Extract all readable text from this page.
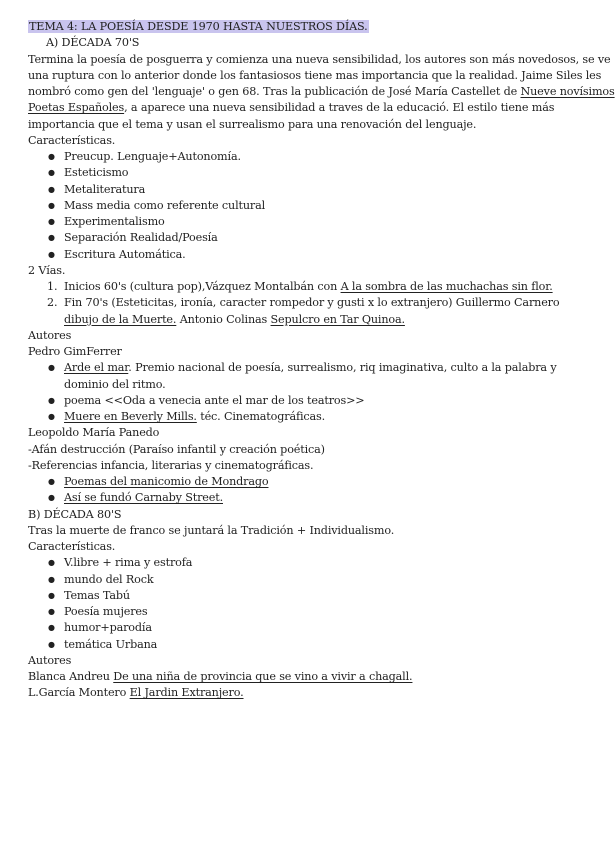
TEMA 4: LA POESÍA DESDE 1970 HASTA NUESTROS DÍAS.
A) DÉCADA 70'S
Termina la poesía de posguerra y comienza una nueva sensibilidad, los autores son más novedosos, se ve
una ruptura con lo anterior donde los fantasiosos tiene mas importancia que la realidad. Jaime Siles les
nombró como gen del 'lenguaje' o gen 68. Tras la publicación de José María Castellet de Nueve novísimos
Poetas Españoles, a aparece una nueva sensibilidad a traves de la educació. El estilo tiene más
importancia que el tema y usan el surrealismo para una renovación del lenguaje.
Características.
● Preucup. Lenguaje+Autonomía.
● Esteticismo
● Metaliteratura
● Mass media como referente cultural
● Experimentalismo
● Separación Realidad/Poesía
● Escritura Automática.
2 Vías.
1. Inicios 60's (cultura pop),Vázquez Montalbán con A la sombra de las muchachas sin flor.
2. Fin 70's (Esteticitas, ironía, caracter rompedor y gusti x lo extranjero) Guillermo Carnero dibujo de la Muerte. Antonio Colinas Sepulcro en Tar Quinoa.
Autores
Pedro GimFerrer
● Arde el mar. Premio nacional de poesía, surrealismo, riq imaginativa, culto a la palabra y dominio del ritmo.
● poema <<Oda a venecia ante el mar de los teatros>>
● Muere en Beverly Mills. téc. Cinematográficas.
Leopoldo María Panedo
-Afán destrucción (Paraíso infantil y creación poética)
-Referencias infancia, literarias y cinematográficas.
● Poemas del manicomio de Mondrago
● Así se fundó Carnaby Street.
B) DÉCADA 80'S
Tras la muerte de franco se juntará la Tradición + Individualismo.
Características.
● V.libre + rima y estrofa
● mundo del Rock
● Temas Tabú
● Poesía mujeres
● humor+parodía
● temática Urbana
Autores
Blanca Andreu De una niña de provincia que se vino a vivir a chagall.
L.García Montero El Jardin Extranjero.
